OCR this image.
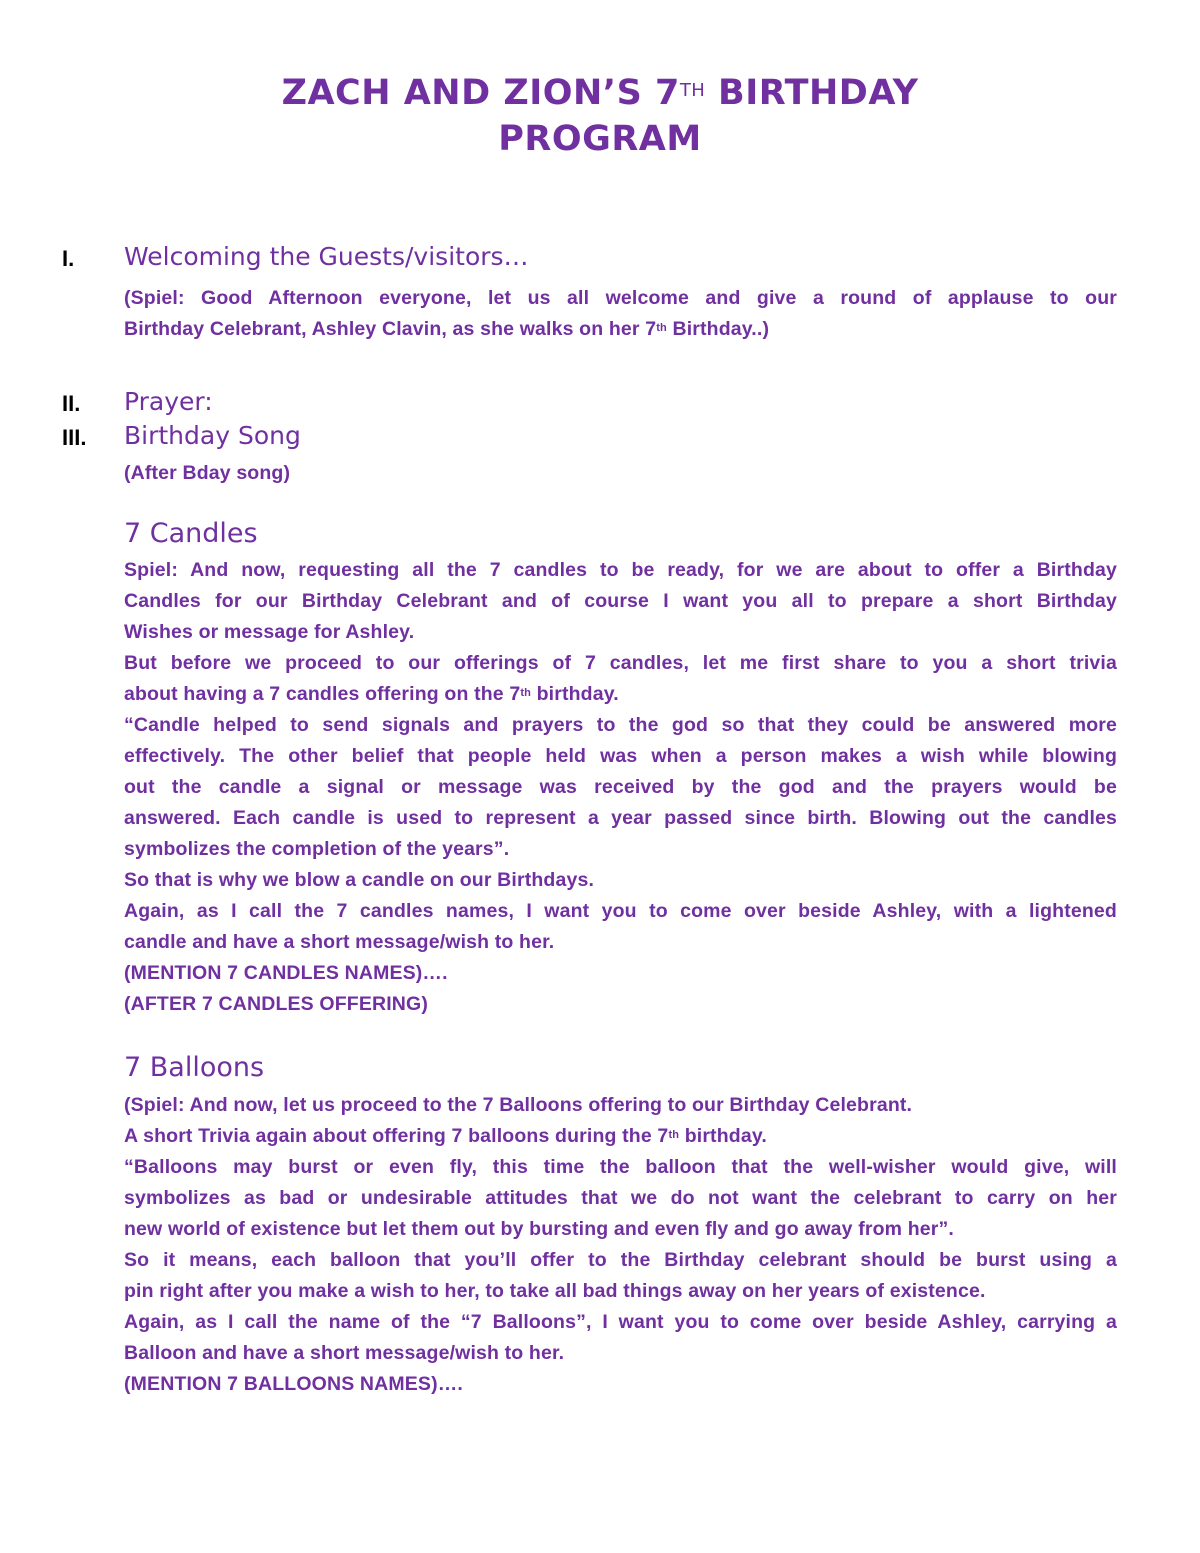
ZACH AND ZION’S 7TH BIRTHDAY
PROGRAM
I. Welcoming the Guests/visitors…
(Spiel: Good Afternoon everyone, let us all welcome and give a round of applause to our
Birthday Celebrant, Ashley Clavin, as she walks on her 7th Birthday..)
II. Prayer:
III. Birthday Song
(After Bday song)
7 Candles
Spiel: And now, requesting all the 7 candles to be ready, for we are about to offer a Birthday
Candles for our Birthday Celebrant and of course I want you all to prepare a short Birthday
Wishes or message for Ashley.
But before we proceed to our offerings of 7 candles, let me first share to you a short trivia
about having a 7 candles offering on the 7th birthday.
“Candle helped to send signals and prayers to the god so that they could be answered more
effectively. The other belief that people held was when a person makes a wish while blowing
out the candle a signal or message was received by the god and the prayers would be
answered. Each candle is used to represent a year passed since birth. Blowing out the candles
symbolizes the completion of the years”.
So that is why we blow a candle on our Birthdays.
Again, as I call the 7 candles names, I want you to come over beside Ashley, with a lightened
candle and have a short message/wish to her.
(MENTION 7 CANDLES NAMES)….
(AFTER 7 CANDLES OFFERING)
7 Balloons
(Spiel: And now, let us proceed to the 7 Balloons offering to our Birthday Celebrant.
A short Trivia again about offering 7 balloons during the 7th birthday.
“Balloons may burst or even fly, this time the balloon that the well-wisher would give, will
symbolizes as bad or undesirable attitudes that we do not want the celebrant to carry on her
new world of existence but let them out by bursting and even fly and go away from her”.
So it means, each balloon that you’ll offer to the Birthday celebrant should be burst using a
pin right after you make a wish to her, to take all bad things away on her years of existence.
Again, as I call the name of the “7 Balloons”, I want you to come over beside Ashley, carrying a
Balloon and have a short message/wish to her.
(MENTION 7 BALLOONS NAMES)….
